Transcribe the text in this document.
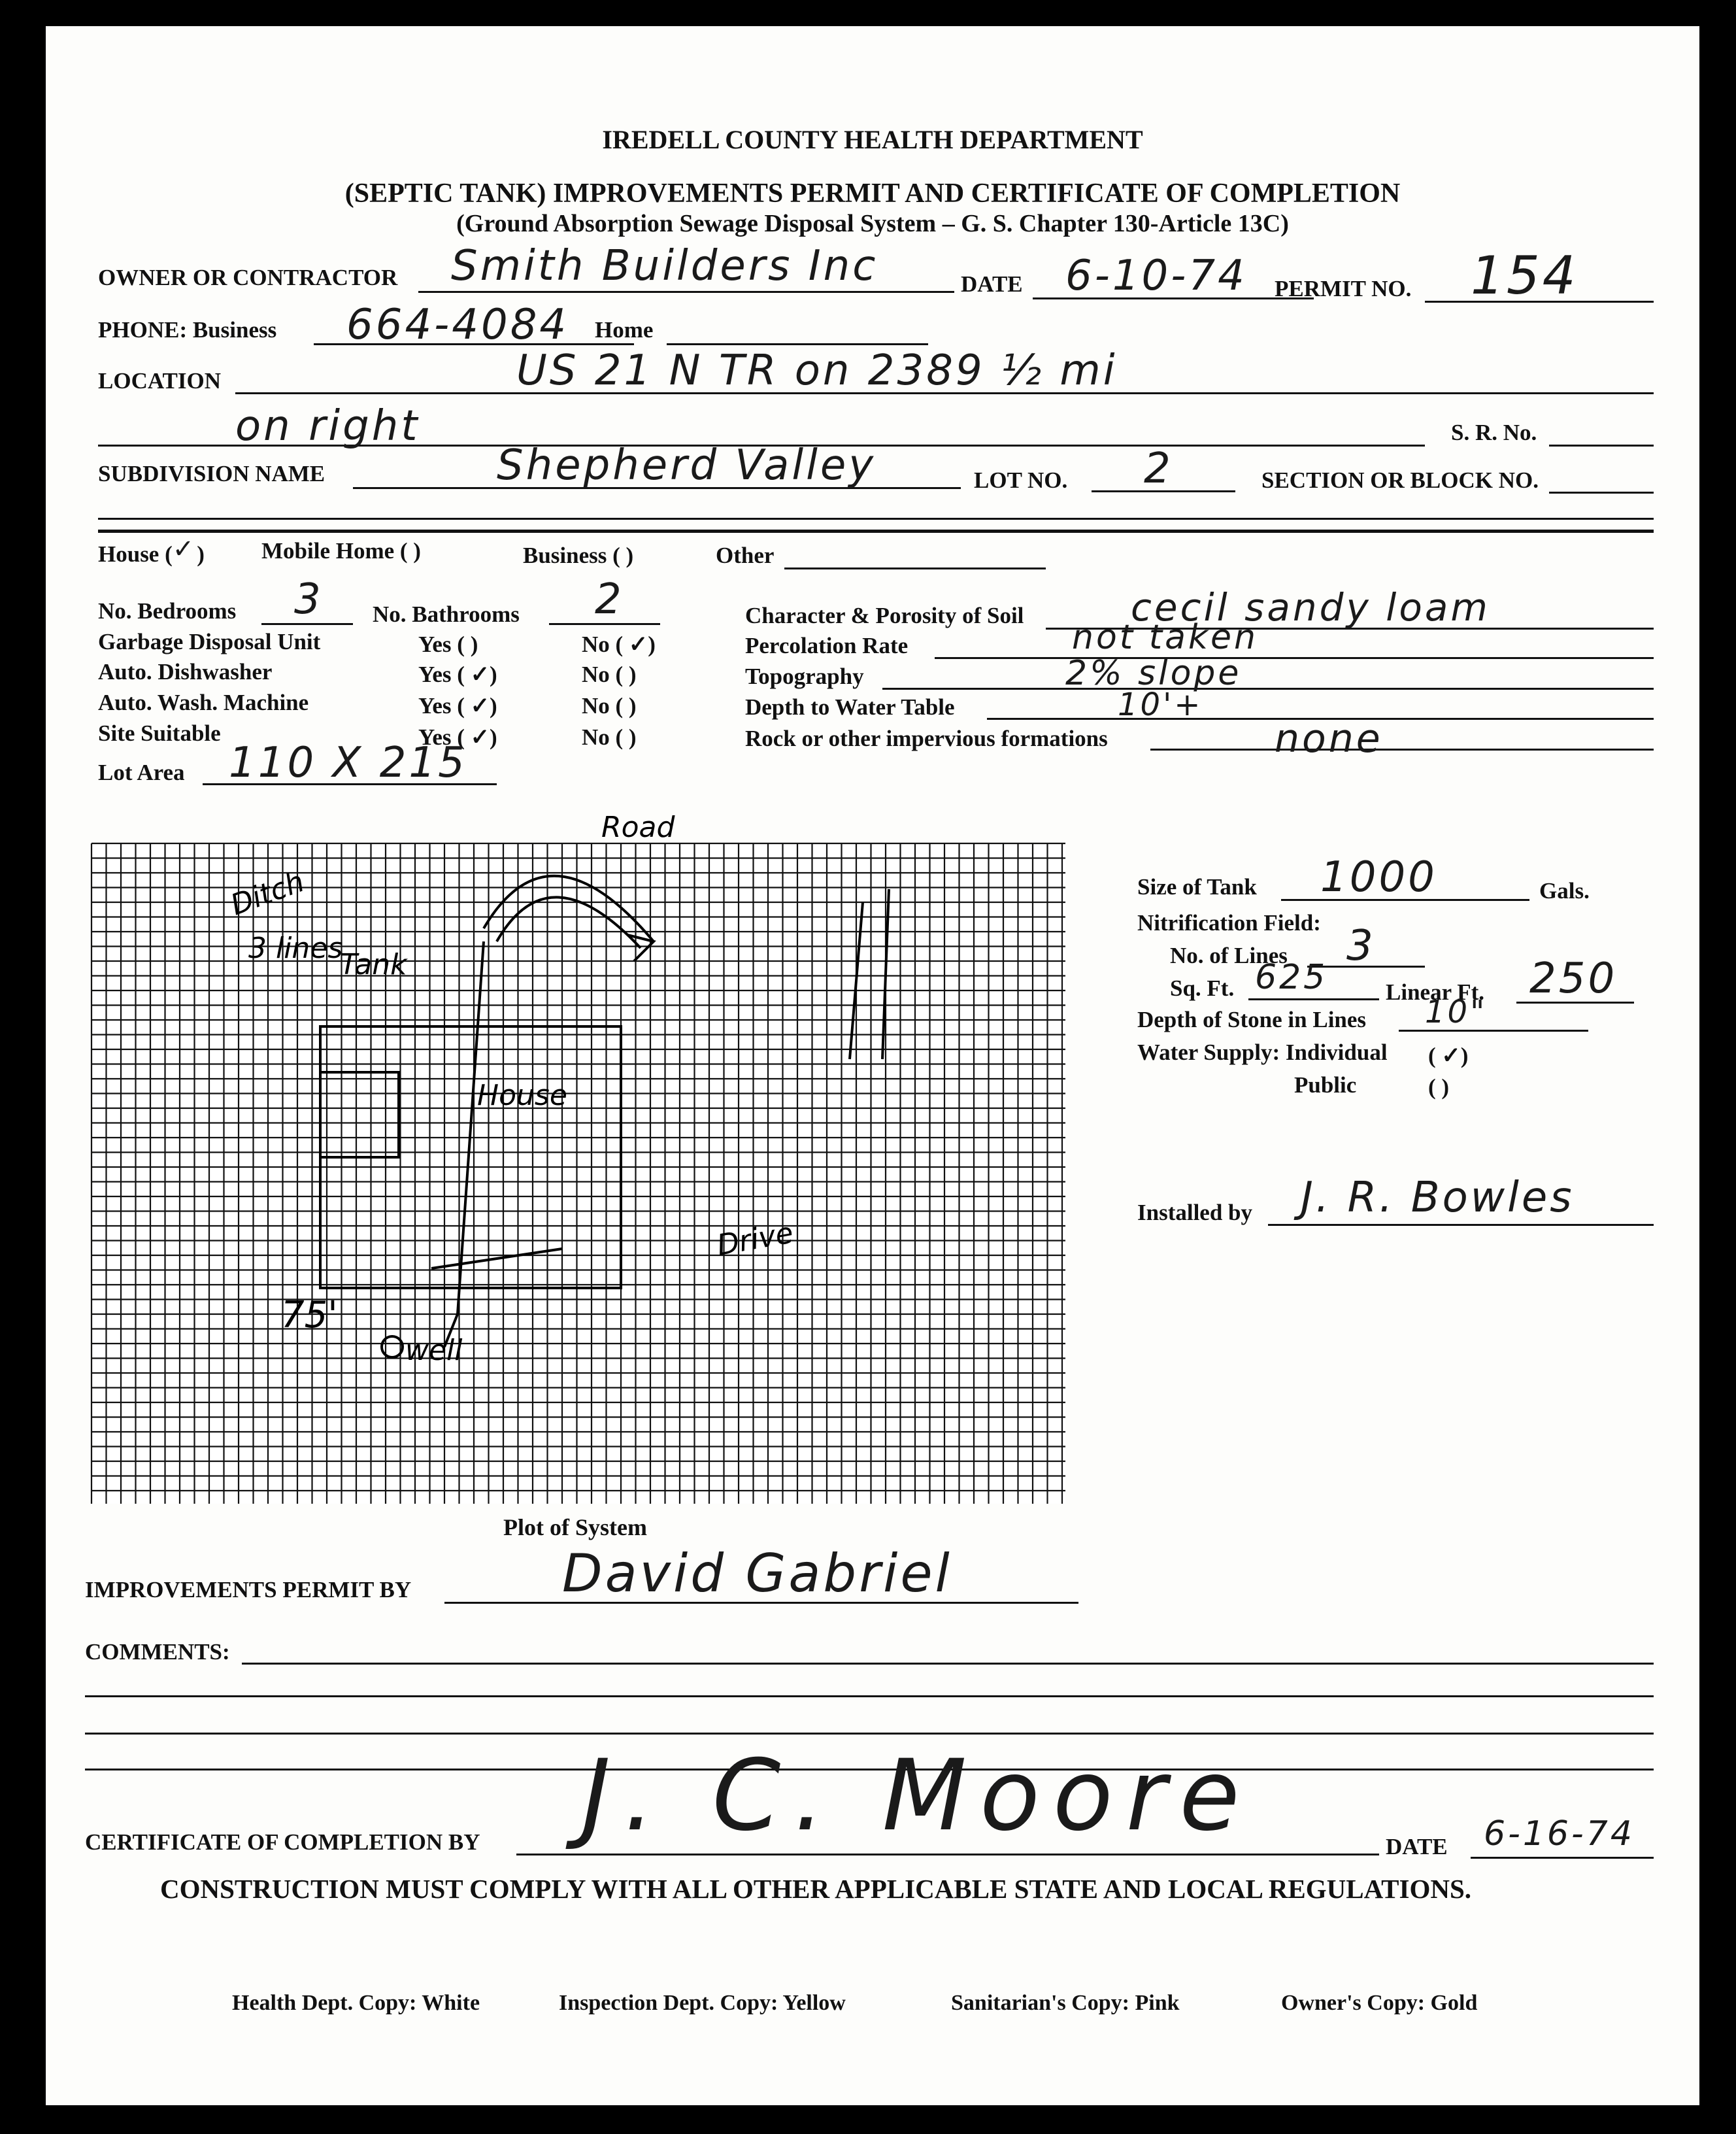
IREDELL COUNTY HEALTH DEPARTMENT
(SEPTIC TANK) IMPROVEMENTS PERMIT AND CERTIFICATE OF COMPLETION
(Ground Absorption Sewage Disposal System – G. S. Chapter 130-Article 13C)
OWNER OR CONTRACTOR Smith Builders Inc	DATE 6-10-74 PERMIT NO. 154
PHONE: Business 664-4084 Home
LOCATION	US 21 N TR on 2389 ½ mi
on right	S. R. No.
SUBDIVISION NAME	Shepherd Valley	LOT NO. 2	SECTION OR BLOCK NO.
House (✓) Mobile Home ( )	Business ( )	Other
No. Bedrooms 3 No. Bathrooms 2
Garbage Disposal Unit	Yes ( )	No ( ✓)
Auto. Dishwasher	Yes ( ✓)	No ( )
Auto. Wash. Machine	Yes ( ✓)	No ( )
Site Suitable	Yes ( ✓)	No ( )
Lot Area 110 X 215
Character & Porosity of Soil	cecil sandy loam
Percolation Rate	not taken
Topography	2% slope
Depth to Water Table	10'+
Rock or other impervious formations	none
Road
Ditch
Tank
3 lines
House
Drive
well
75'
Plot of System
Size of Tank 1000	Gals.
Nitrification Field:
No. of Lines 3
Sq. Ft. 625	Linear Ft. 250
Depth of Stone in Lines 10"
Water Supply: Individual ( ✓)
Public	( )
Installed by J. R. Bowles
IMPROVEMENTS PERMIT BY	David Gabriel
COMMENTS:
CERTIFICATE OF COMPLETION BY J. C. Moore	DATE 6-16-74
CONSTRUCTION MUST COMPLY WITH ALL OTHER APPLICABLE STATE AND LOCAL REGULATIONS.
Health Dept. Copy: White	Inspection Dept. Copy: Yellow	Sanitarian's Copy: Pink	Owner's Copy: Gold
